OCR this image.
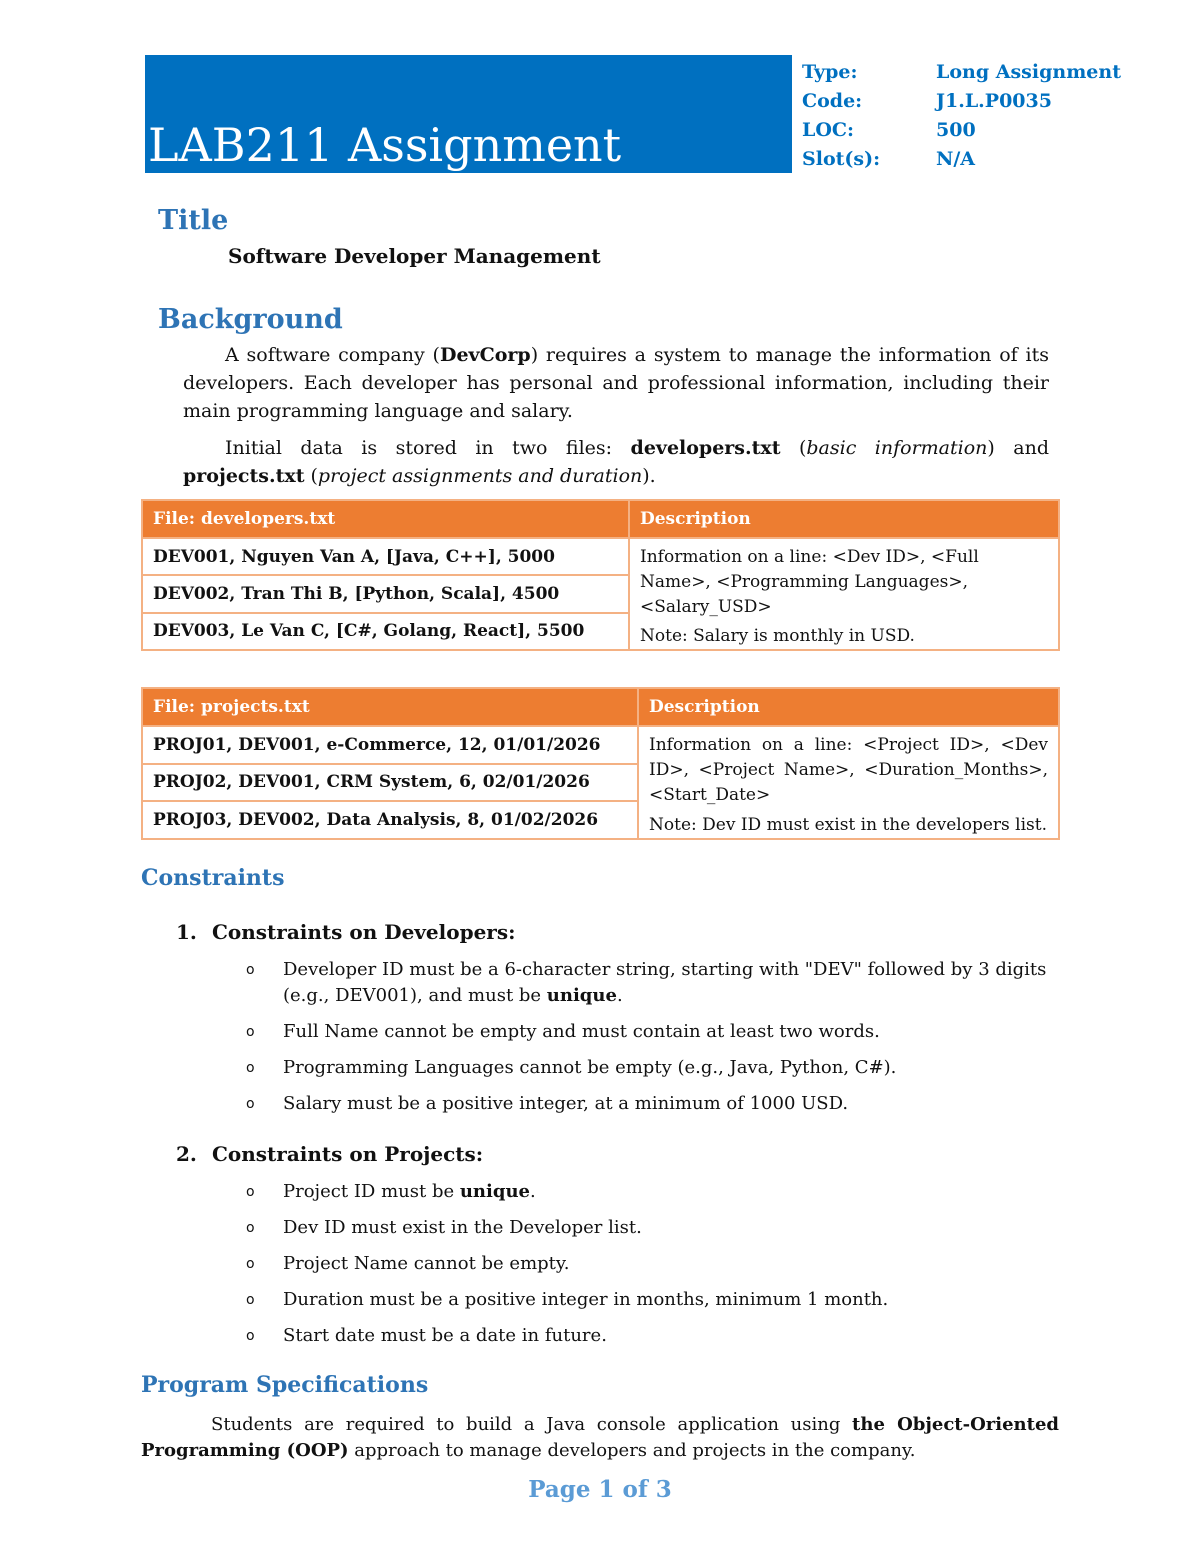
LAB211 Assignment
Type:	Long Assignment
Code:	J1.L.P0035
LOC:	500
Slot(s):	N/A
Title
Software Developer Management
Background

A software company (DevCorp) requires a system to manage the information of its developers. Each developer has personal and professional information, including their main programming language and salary.

Initial data is stored in two files: developers.txt (basic information) and projects.txt (project assignments and duration).

File: developers.txt	Description
DEV001, Nguyen Van A, [Java, C++], 5000	Information on a line: <Dev ID>, <Full Name>, <Programming Languages>, <Salary_USD>
Note: Salary is monthly in USD.

DEV002, Tran Thi B, [Python, Scala], 4500	
DEV003, Le Van C, [C#, Golang, React], 5500	
File: projects.txt	Description
PROJ01, DEV001, e-Commerce, 12, 01/01/2026	Information on a line: <Project ID>, <Dev ID>, <Project Name>, <Duration_Months>, <Start_Date>
Note: Dev ID must exist in the developers list.

PROJ02, DEV001, CRM System, 6, 02/01/2026	
PROJ03, DEV002, Data Analysis, 8, 01/02/2026	
Constraints
1. Constraints on Developers:
o Developer ID must be a 6-character string, starting with "DEV" followed by 3 digits (e.g., DEV001), and must be unique.
o Full Name cannot be empty and must contain at least two words.
o Programming Languages cannot be empty (e.g., Java, Python, C#).
o Salary must be a positive integer, at a minimum of 1000 USD.
2. Constraints on Projects:
o Project ID must be unique.
o Dev ID must exist in the Developer list.
o Project Name cannot be empty.
o Duration must be a positive integer in months, minimum 1 month.
o Start date must be a date in future.
Program Specifications

Students are required to build a Java console application using the Object-Oriented Programming (OOP) approach to manage developers and projects in the company.

Page 1 of 3
